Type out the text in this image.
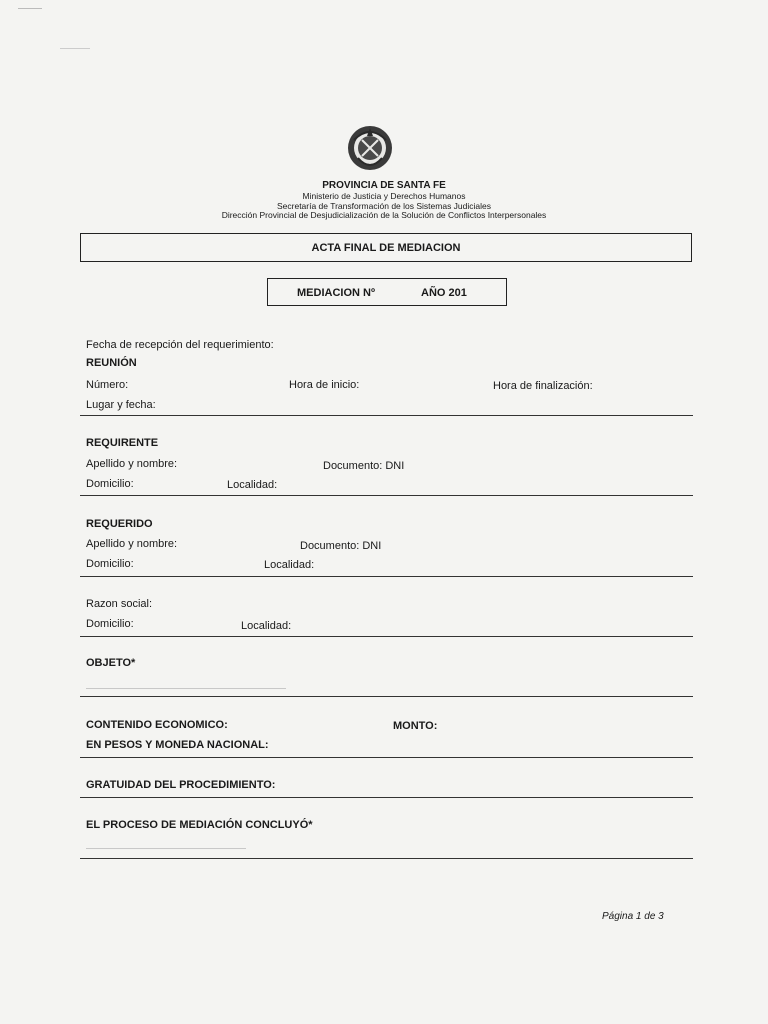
PROVINCIA DE SANTA FE
Ministerio de Justicia y Derechos Humanos
Secretaría de Transformación de los Sistemas Judiciales
Dirección Provincial de Desjudicialización de la Solución de Conflictos Interpersonales
ACTA FINAL DE MEDIACION
MEDIACION Nº	AÑO 201
Fecha de recepción del requerimiento:
REUNIÓN
Número:	Hora de inicio:	Hora de finalización:
Lugar y fecha:
REQUIRENTE
Apellido y nombre:	Documento: DNI
Domicilio:	Localidad:
REQUERIDO
Apellido y nombre:	Documento: DNI
Domicilio:	Localidad:
Razon social:
Domicilio:	Localidad:
OBJETO*
CONTENIDO ECONOMICO:	MONTO:
EN PESOS Y MONEDA NACIONAL:
GRATUIDAD DEL PROCEDIMIENTO:
EL PROCESO DE MEDIACIÓN CONCLUYÓ*
Página 1 de 3
